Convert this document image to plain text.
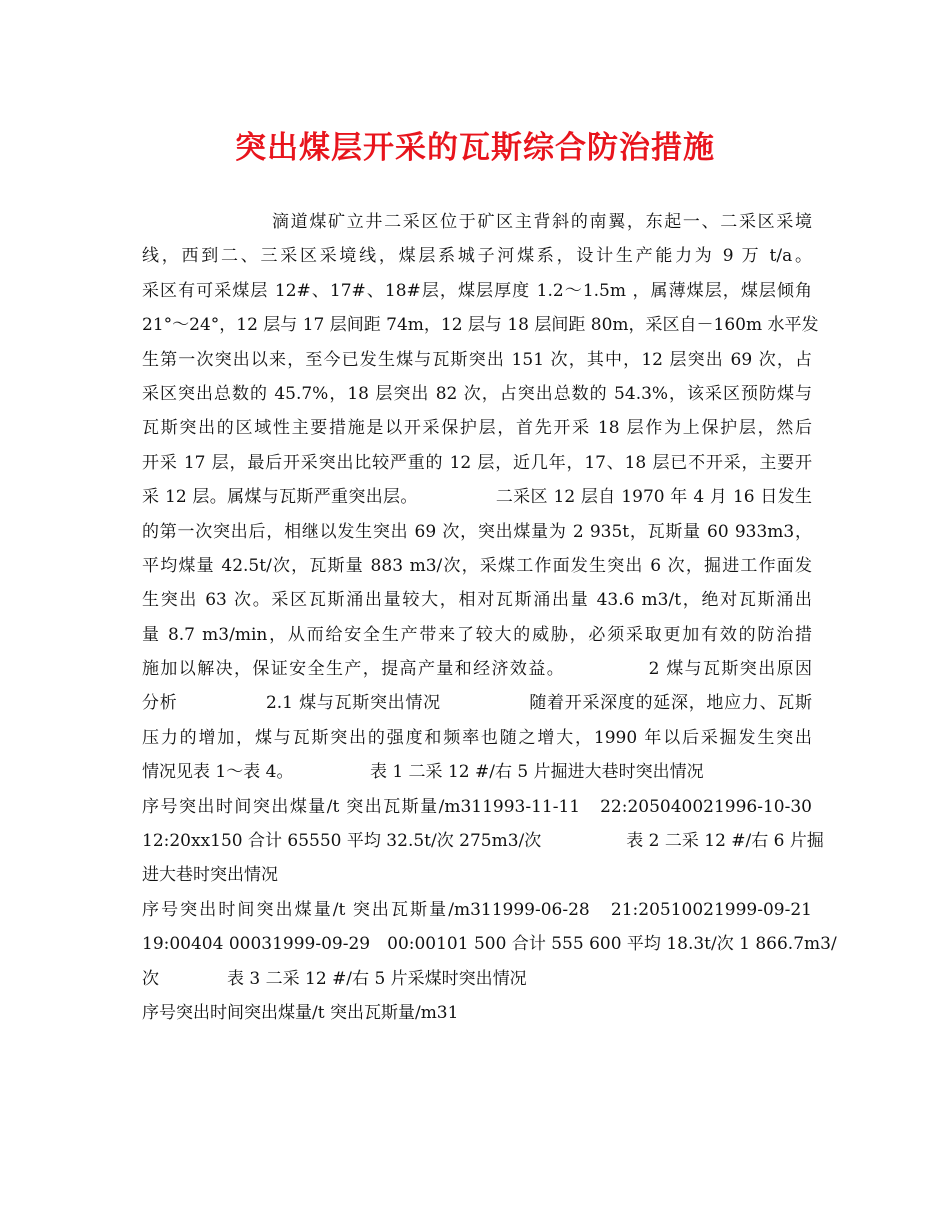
突出煤层开采的瓦斯综合防治措施
滴道煤矿立井二采区位于矿区主背斜的南翼，东起一、二采区采境
线，西到二、三采区采境线，煤层系城子河煤系，设计生产能力为 9 万 t/a。
采区有可采煤层 12#、17#、18#层，煤层厚度 1.2～1.5m ，属薄煤层，煤层倾角
21°～24°，12 层与 17 层间距 74m，12 层与 18 层间距 80m，采区自－160m 水平发
生第一次突出以来，至今已发生煤与瓦斯突出 151 次，其中，12 层突出 69 次，占
采区突出总数的 45.7%，18 层突出 82 次，占突出总数的 54.3%，该采区预防煤与
瓦斯突出的区域性主要措施是以开采保护层，首先开采 18 层作为上保护层，然后
开采 17 层，最后开采突出比较严重的 12 层，近几年，17、18 层已不开采，主要开
采 12 层。属煤与瓦斯严重突出层。　　　　　二采区 12 层自 1970 年 4 月 16 日发生
的第一次突出后，相继以发生突出 69 次，突出煤量为 2 935t，瓦斯量 60 933m3，
平均煤量 42.5t/次，瓦斯量 883 m3/次，采煤工作面发生突出 6 次，掘进工作面发
生突出 63 次。采区瓦斯涌出量较大，相对瓦斯涌出量 43.6 m3/t，绝对瓦斯涌出
量 8.7 m3/min，从而给安全生产带来了较大的威胁，必须采取更加有效的防治措
施加以解决，保证安全生产，提高产量和经济效益。　　　　　2 煤与瓦斯突出原因
分析　　　　　2.1 煤与瓦斯突出情况　　　　　随着开采深度的延深，地应力、瓦斯
压力的增加，煤与瓦斯突出的强度和频率也随之增大，1990 年以后采掘发生突出
情况见表 1～表 4。　　　　　表 1 二采 12 #/右 5 片掘进大巷时突出情况
序号突出时间突出煤量/t 突出瓦斯量/m311993-11-11　22:205040021996-10-30
12:20xx150 合计 65550 平均 32.5t/次 275m3/次　　　　　表 2 二采 12 #/右 6 片掘
进大巷时突出情况
序号突出时间突出煤量/t 突出瓦斯量/m311999-06-28　21:20510021999-09-21
19:00404 00031999-09-29　00:00101 500 合计 555 600 平均 18.3t/次 1 866.7m3/
次　　　　表 3 二采 12 #/右 5 片采煤时突出情况
序号突出时间突出煤量/t 突出瓦斯量/m31
